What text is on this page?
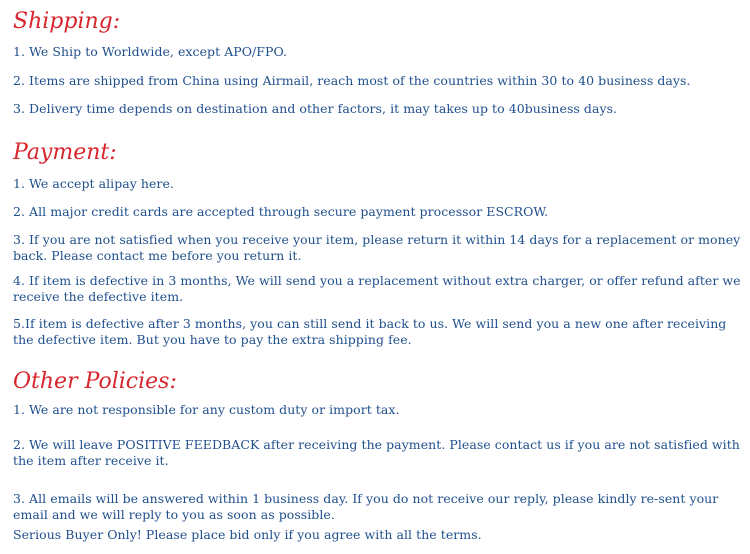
Shipping:

1. We Ship to Worldwide, except APO/FPO.

2. Items are shipped from China using Airmail, reach most of the countries within 30 to 40 business days.

3. Delivery time depends on destination and other factors, it may takes up to 40business days.

Payment:

1. We accept alipay here.

2. All major credit cards are accepted through secure payment processor ESCROW.

3. If you are not satisfied when you receive your item, please return it within 14 days for a replacement or money back. Please contact me before you return it.

4. If item is defective in 3 months, We will send you a replacement without extra charger, or offer refund after we receive the defective item.

5.If item is defective after 3 months, you can still send it back to us. We will send you a new one after receiving the defective item. But you have to pay the extra shipping fee.

Other Policies:

1. We are not responsible for any custom duty or import tax.

2. We will leave POSITIVE FEEDBACK after receiving the payment. Please contact us if you are not satisfied with the item after receive it.

3. All emails will be answered within 1 business day. If you do not receive our reply, please kindly re-sent your email and we will reply to you as soon as possible.

Serious Buyer Only! Please place bid only if you agree with all the terms.
